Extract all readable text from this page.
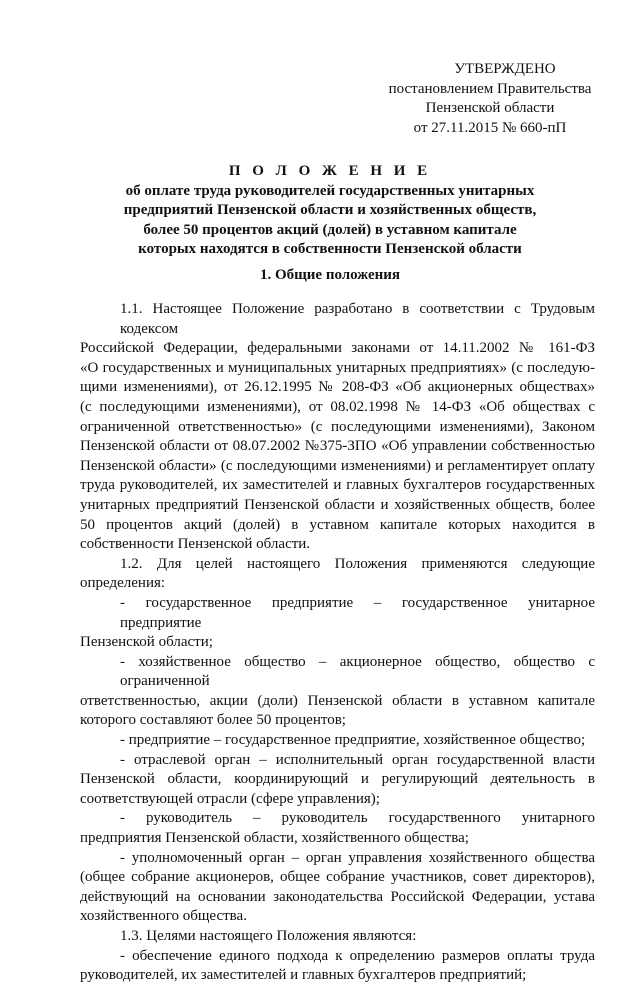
УТВЕРЖДЕНО
постановлением Правительства
Пензенской области
от 27.11.2015 № 660-пП
П О Л О Ж Е Н И Е
об оплате труда руководителей государственных унитарных
предприятий Пензенской области и хозяйственных обществ,
более 50 процентов акций (долей) в уставном капитале
которых находятся в собственности Пензенской области
1. Общие положения
1.1. Настоящее Положение разработано в соответствии с Трудовым кодексом
Российской Федерации, федеральными законами от 14.11.2002 № 161-ФЗ
«О государственных и муниципальных унитарных предприятиях» (с последую-
щими изменениями), от 26.12.1995 № 208-ФЗ «Об акционерных обществах»
(с последующими изменениями), от 08.02.1998 № 14-ФЗ «Об обществах с
ограниченной ответственностью» (с последующими изменениями), Законом
Пензенской области от 08.07.2002 №375-ЗПО «Об управлении собственностью
Пензенской области» (с последующими изменениями) и регламентирует оплату
труда руководителей, их заместителей и главных бухгалтеров государственных
унитарных предприятий Пензенской области и хозяйственных обществ, более
50 процентов акций (долей) в уставном капитале которых находится в
собственности Пензенской области.
1.2. Для целей настоящего Положения применяются следующие
определения:
- государственное предприятие – государственное унитарное предприятие
Пензенской области;
- хозяйственное общество – акционерное общество, общество с ограниченной
ответственностью, акции (доли) Пензенской области в уставном капитале
которого составляют более 50 процентов;
- предприятие – государственное предприятие, хозяйственное общество;
- отраслевой орган – исполнительный орган государственной власти
Пензенской области, координирующий и регулирующий деятельность в
соответствующей отрасли (сфере управления);
- руководитель – руководитель государственного унитарного
предприятия Пензенской области, хозяйственного общества;
- уполномоченный орган – орган управления хозяйственного общества
(общее собрание акционеров, общее собрание участников, совет директоров),
действующий на основании законодательства Российской Федерации, устава
хозяйственного общества.
1.3. Целями настоящего Положения являются:
- обеспечение единого подхода к определению размеров оплаты труда
руководителей, их заместителей и главных бухгалтеров предприятий;
